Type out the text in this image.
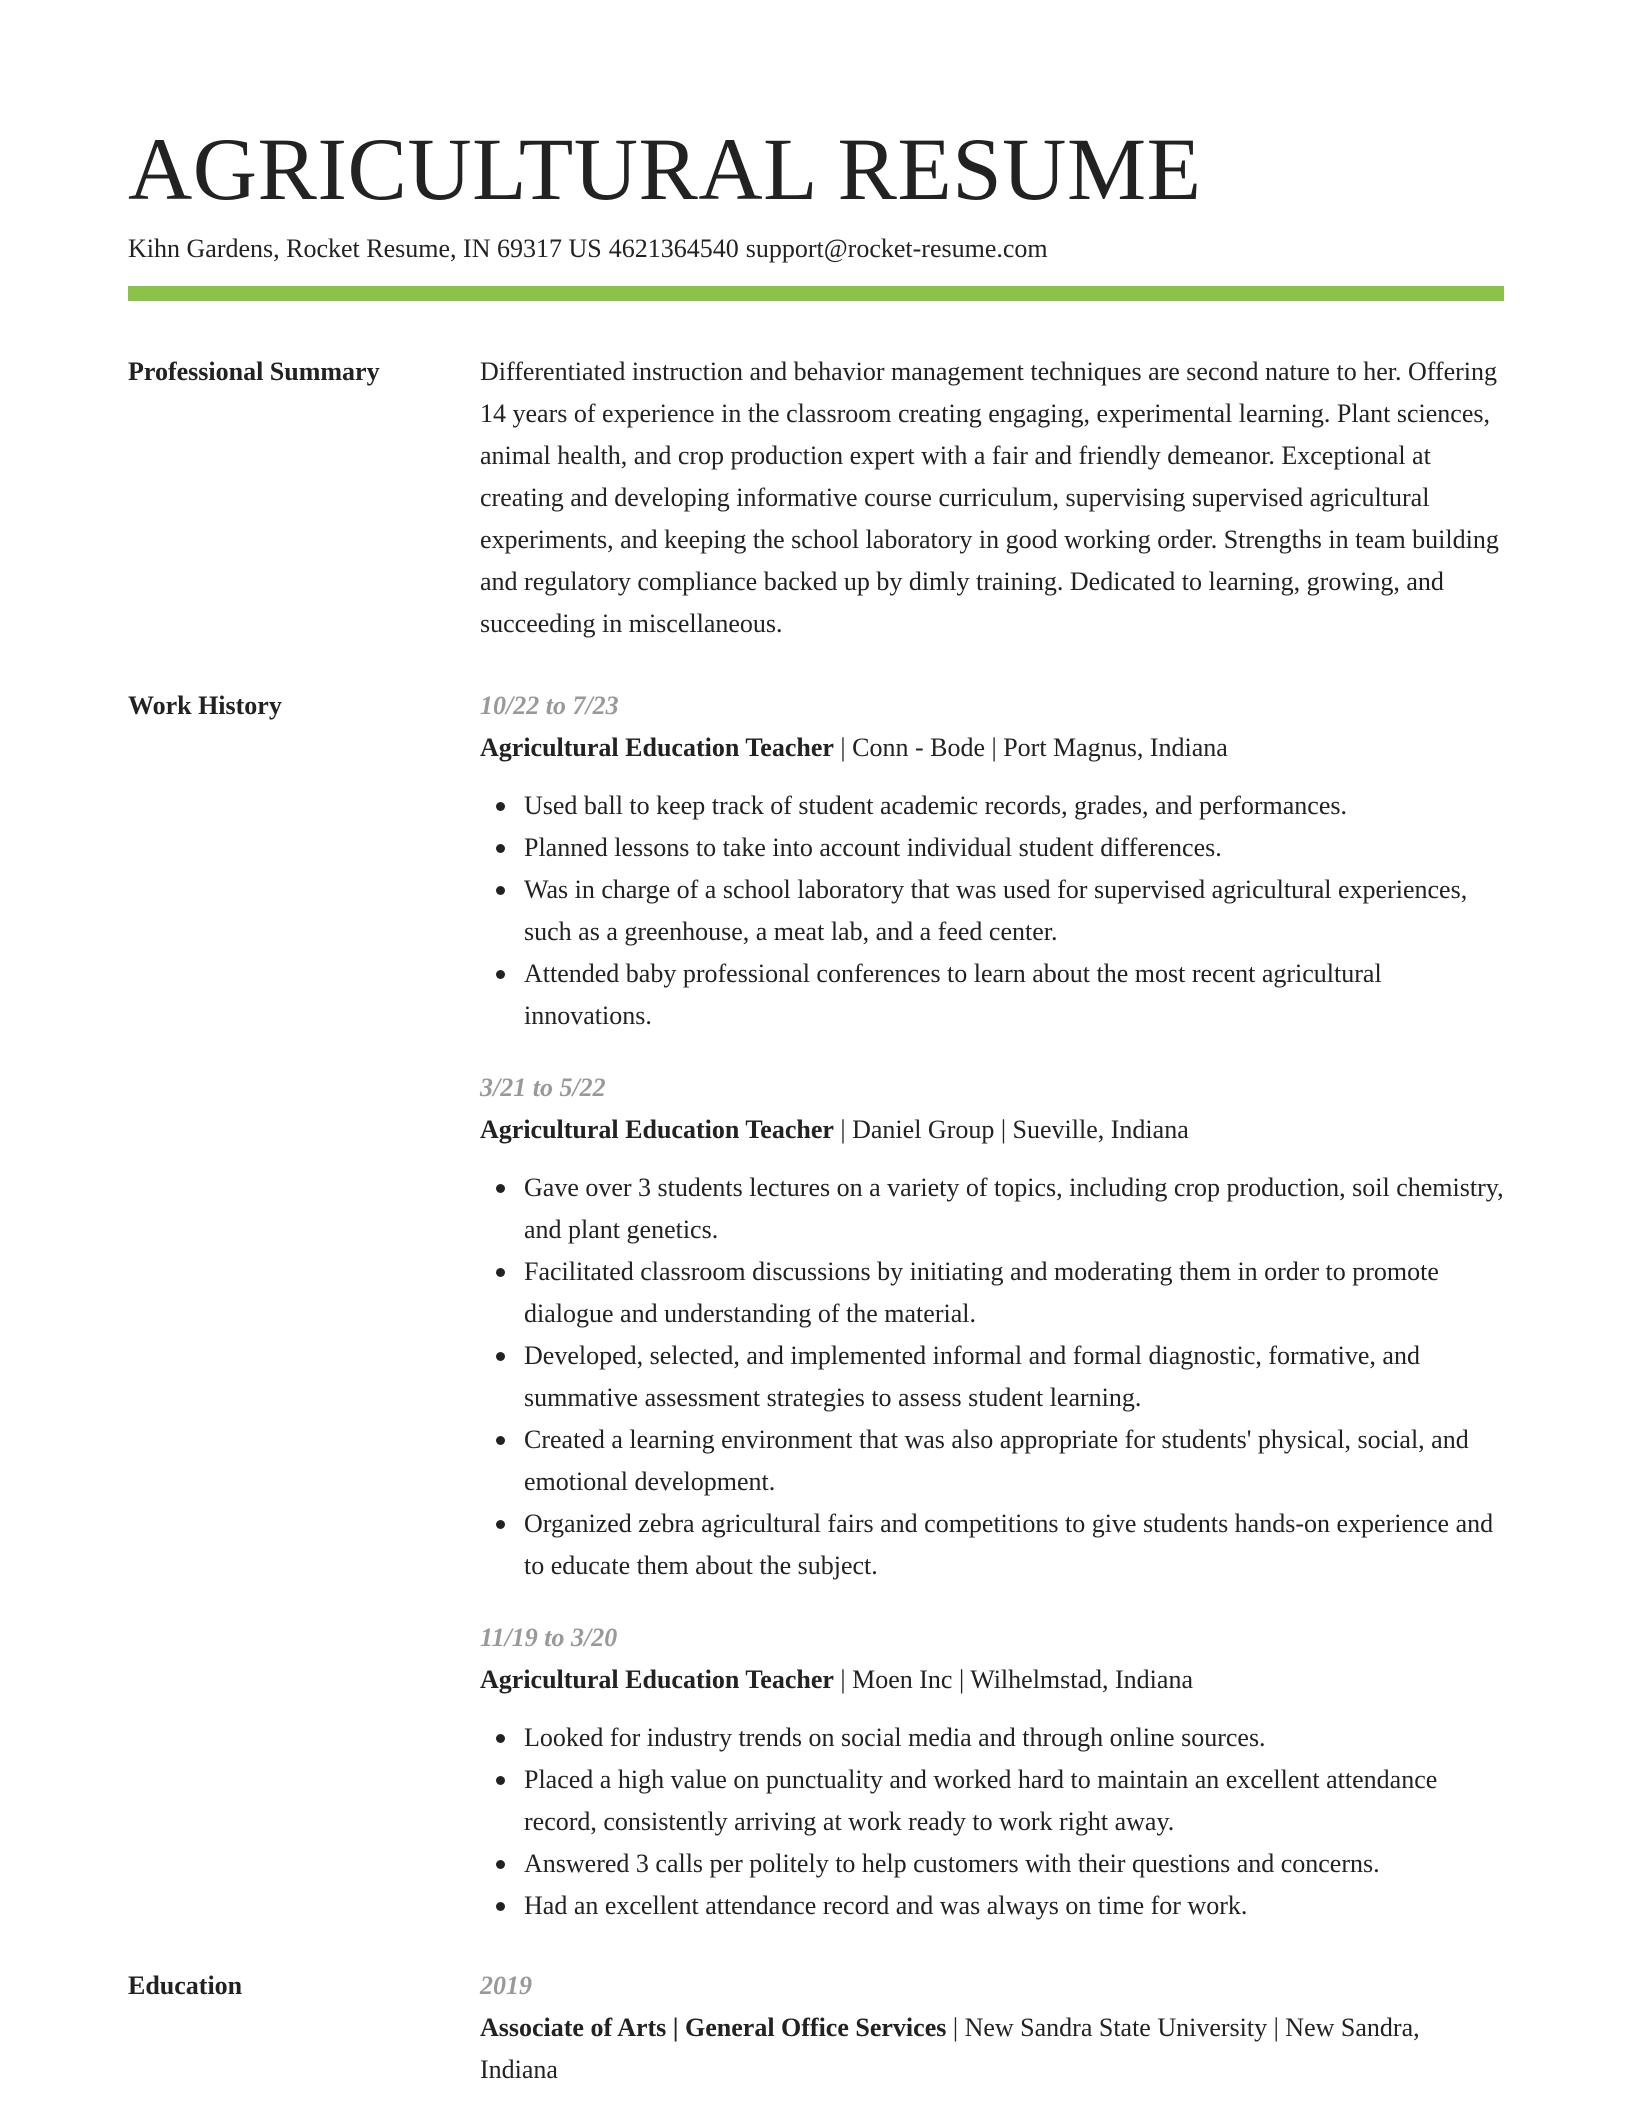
AGRICULTURAL RESUME
Kihn Gardens, Rocket Resume, IN 69317 US 4621364540 support@rocket-resume.com
Professional Summary	Differentiated instruction and behavior management techniques are second nature to her. Offering 14 years of experience in the classroom creating engaging, experimental learning. Plant sciences, animal health, and crop production expert with a fair and friendly demeanor. Exceptional at creating and developing informative course curriculum, supervising supervised agricultural experiments, and keeping the school laboratory in good working order. Strengths in team building and regulatory compliance backed up by dimly training. Dedicated to learning, growing, and succeeding in miscellaneous.

Work History	10/22 to 7/23
Agricultural Education Teacher | Conn - Bode | Port Magnus, Indiana
Used ball to keep track of student academic records, grades, and performances.
Planned lessons to take into account individual student differences.
Was in charge of a school laboratory that was used for supervised agricultural experiences, such as a greenhouse, a meat lab, and a feed center.
Attended baby professional conferences to learn about the most recent agricultural innovations.
3/21 to 5/22
Agricultural Education Teacher | Daniel Group | Sueville, Indiana
Gave over 3 students lectures on a variety of topics, including crop production, soil chemistry, and plant genetics.
Facilitated classroom discussions by initiating and moderating them in order to promote dialogue and understanding of the material.
Developed, selected, and implemented informal and formal diagnostic, formative, and summative assessment strategies to assess student learning.
Created a learning environment that was also appropriate for students' physical, social, and emotional development.
Organized zebra agricultural fairs and competitions to give students hands-on experience and to educate them about the subject.
11/19 to 3/20
Agricultural Education Teacher | Moen Inc | Wilhelmstad, Indiana
Looked for industry trends on social media and through online sources.
Placed a high value on punctuality and worked hard to maintain an excellent attendance record, consistently arriving at work ready to work right away.
Answered 3 calls per politely to help customers with their questions and concerns.
Had an excellent attendance record and was always on time for work.
Education	2019
Associate of Arts | General Office Services | New Sandra State University | New Sandra, Indiana
